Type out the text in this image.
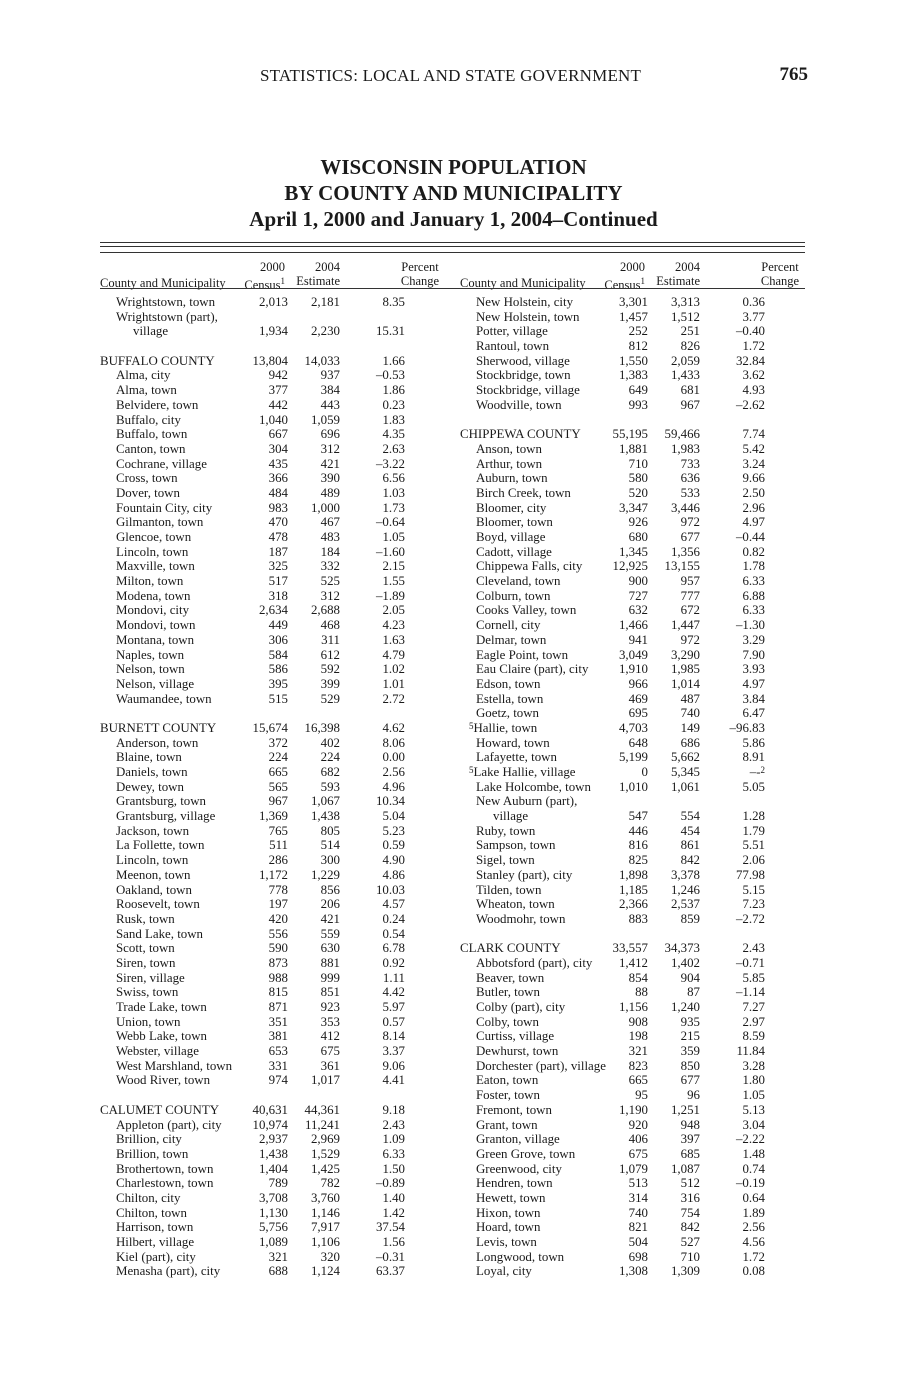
STATISTICS: LOCAL AND STATE GOVERNMENT	765
WISCONSIN POPULATION
BY COUNTY AND MUNICIPALITY
April 1, 2000 and January 1, 2004–Continued
County and Municipality
2000
Census$^1$
2004
Estimate
Percent
Change
Wrightstown, town	2,013 2,181	8.35
Wrightstown (part),
village	1,934 2,230	15.31
BUFFALO COUNTY	13,804 14,033	1.66
Alma, city	942	937	–0.53
Alma, town	377	384	1.86
Belvidere, town	442	443	0.23
Buffalo, city	1,040 1,059	1.83
Buffalo, town	667	696	4.35
Canton, town	304	312	2.63
Cochrane, village	435	421	–3.22
Cross, town	366	390	6.56
Dover, town	484	489	1.03
Fountain City, city	983 1,000	1.73
Gilmanton, town	470	467	–0.64
Glencoe, town	478	483	1.05
Lincoln, town	187	184	–1.60
Maxville, town	325	332	2.15
Milton, town	517	525	1.55
Modena, town	318	312	–1.89
Mondovi, city	2,634 2,688	2.05
Mondovi, town	449	468	4.23
Montana, town	306	311	1.63
Naples, town	584	612	4.79
Nelson, town	586	592	1.02
Nelson, village	395	399	1.01
Waumandee, town	515	529	2.72
BURNETT COUNTY	15,674 16,398	4.62
Anderson, town	372	402	8.06
Blaine, town	224	224	0.00
Daniels, town	665	682	2.56
Dewey, town	565	593	4.96
Grantsburg, town	967 1,067	10.34
Grantsburg, village	1,369 1,438	5.04
Jackson, town	765	805	5.23
La Follette, town	511	514	0.59
Lincoln, town	286	300	4.90
Meenon, town	1,172 1,229	4.86
Oakland, town	778	856	10.03
Roosevelt, town	197	206	4.57
Rusk, town	420	421	0.24
Sand Lake, town	556	559	0.54
Scott, town	590	630	6.78
Siren, town	873	881	0.92
Siren, village	988	999	1.11
Swiss, town	815	851	4.42
Trade Lake, town	871	923	5.97
Union, town	351	353	0.57
Webb Lake, town	381	412	8.14
Webster, village	653	675	3.37
West Marshland, town	331	361	9.06
Wood River, town	974 1,017	4.41
CALUMET COUNTY	40,631 44,361	9.18
Appleton (part), city 10,974 11,241	2.43
Brillion, city	2,937 2,969	1.09
Brillion, town	1,438 1,529	6.33
Brothertown, town	1,404 1,425	1.50
Charlestown, town	789	782	–0.89
Chilton, city	3,708 3,760	1.40
Chilton, town	1,130 1,146	1.42
Harrison, town	5,756 7,917	37.54
Hilbert, village	1,089 1,106	1.56
Kiel (part), city	321	320	–0.31
Menasha (part), city	688 1,124	63.37
County and Municipality
2000
Census$^1$
2004
Estimate
Percent
Change
New Holstein, city	3,301 3,313	0.36
New Holstein, town	1,457 1,512	3.77
Potter, village	252	251	–0.40
Rantoul, town	812	826	1.72
Sherwood, village	1,550 2,059	32.84
Stockbridge, town	1,383 1,433	3.62
Stockbridge, village	649	681	4.93
Woodville, town	993	967	–2.62
CHIPPEWA COUNTY 55,195 59,466	7.74
Anson, town	1,881 1,983	5.42
Arthur, town	710	733	3.24
Auburn, town	580	636	9.66
Birch Creek, town	520	533	2.50
Bloomer, city	3,347 3,446	2.96
Bloomer, town	926	972	4.97
Boyd, village	680	677	–0.44
Cadott, village	1,345 1,356	0.82
Chippewa Falls, city 12,925 13,155	1.78
Cleveland, town	900	957	6.33
Colburn, town	727	777	6.88
Cooks Valley, town	632	672	6.33
Cornell, city	1,466 1,447	–1.30
Delmar, town	941	972	3.29
Eagle Point, town	3,049 3,290	7.90
Eau Claire (part), city 1,910 1,985	3.93
Edson, town	966 1,014	4.97
Estella, town	469	487	3.84
Goetz, town	695	740	6.47
$^5$Hallie, town	4,703	149 –96.83
Howard, town	648	686	5.86
Lafayette, town	5,199 5,662	8.91
$^5$Lake Hallie, village	0 5,345	–-$^2$
Lake Holcombe, town 1,010 1,061	5.05
New Auburn (part),
village	547	554	1.28
Ruby, town	446	454	1.79
Sampson, town	816	861	5.51
Sigel, town	825	842	2.06
Stanley (part), city	1,898 3,378	77.98
Tilden, town	1,185 1,246	5.15
Wheaton, town	2,366 2,537	7.23
Woodmohr, town	883	859	–2.72
CLARK COUNTY	33,557 34,373	2.43
Abbotsford (part), city 1,412 1,402	–0.71
Beaver, town	854	904	5.85
Butler, town	88	87	–1.14
Colby (part), city	1,156 1,240	7.27
Colby, town	908	935	2.97
Curtiss, village	198	215	8.59
Dewhurst, town	321	359	11.84
Dorchester (part), village 823	850	3.28
Eaton, town	665	677	1.80
Foster, town	95	96	1.05
Fremont, town	1,190 1,251	5.13
Grant, town	920	948	3.04
Granton, village	406	397	–2.22
Green Grove, town	675	685	1.48
Greenwood, city	1,079 1,087	0.74
Hendren, town	513	512	–0.19
Hewett, town	314	316	0.64
Hixon, town	740	754	1.89
Hoard, town	821	842	2.56
Levis, town	504	527	4.56
Longwood, town	698	710	1.72
Loyal, city	1,308 1,309	0.08
